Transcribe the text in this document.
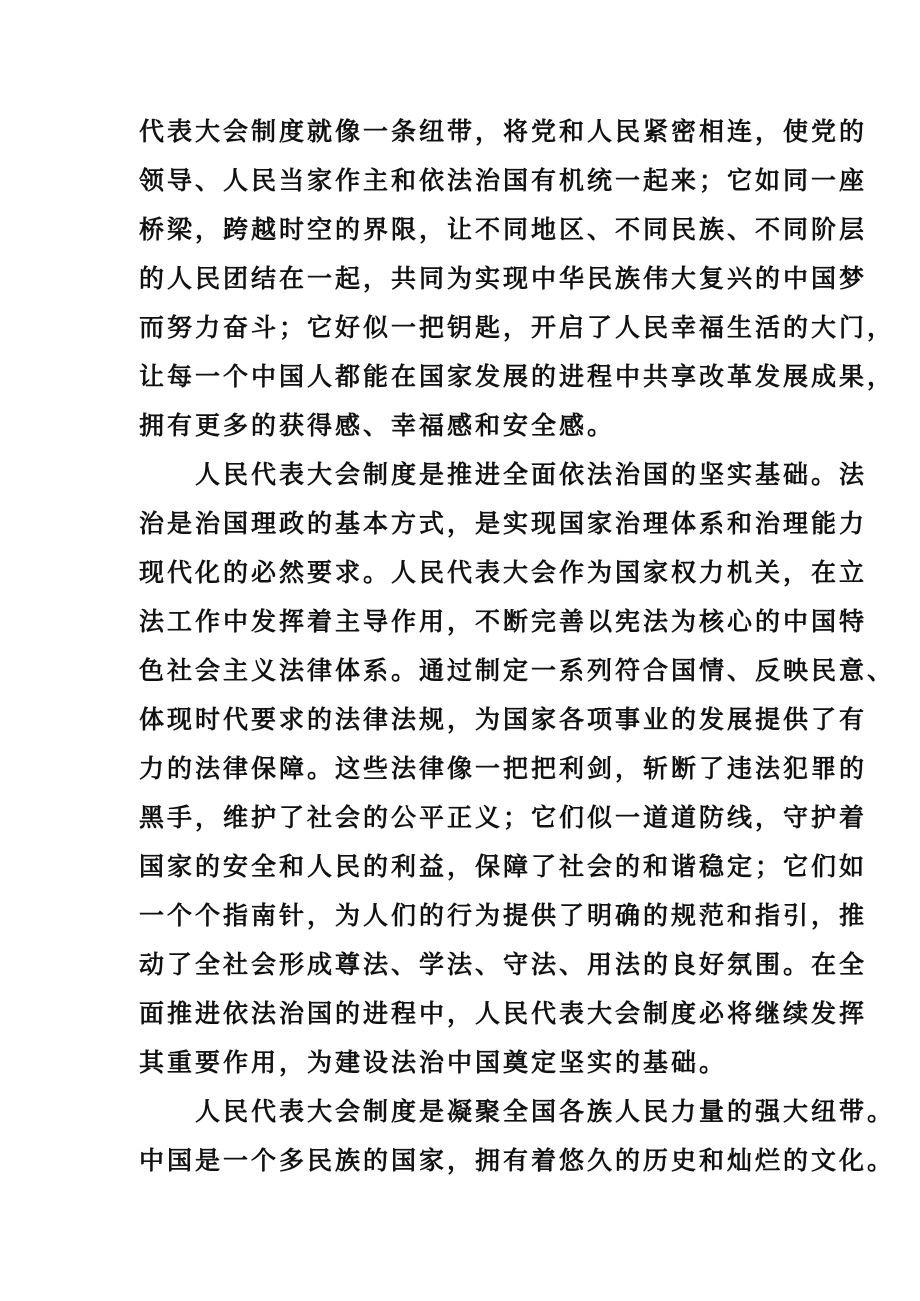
代表大会制度就像一条纽带，将党和人民紧密相连，使党的
领导、人民当家作主和依法治国有机统一起来；它如同一座
桥梁，跨越时空的界限，让不同地区、不同民族、不同阶层
的人民团结在一起，共同为实现中华民族伟大复兴的中国梦
而努力奋斗；它好似一把钥匙，开启了人民幸福生活的大门，
让每一个中国人都能在国家发展的进程中共享改革发展成果，
拥有更多的获得感、幸福感和安全感。
人民代表大会制度是推进全面依法治国的坚实基础。法
治是治国理政的基本方式，是实现国家治理体系和治理能力
现代化的必然要求。人民代表大会作为国家权力机关，在立
法工作中发挥着主导作用，不断完善以宪法为核心的中国特
色社会主义法律体系。通过制定一系列符合国情、反映民意、
体现时代要求的法律法规，为国家各项事业的发展提供了有
力的法律保障。这些法律像一把把利剑，斩断了违法犯罪的
黑手，维护了社会的公平正义；它们似一道道防线，守护着
国家的安全和人民的利益，保障了社会的和谐稳定；它们如
一个个指南针，为人们的行为提供了明确的规范和指引，推
动了全社会形成尊法、学法、守法、用法的良好氛围。在全
面推进依法治国的进程中，人民代表大会制度必将继续发挥
其重要作用，为建设法治中国奠定坚实的基础。
人民代表大会制度是凝聚全国各族人民力量的强大纽带。
中国是一个多民族的国家，拥有着悠久的历史和灿烂的文化。
